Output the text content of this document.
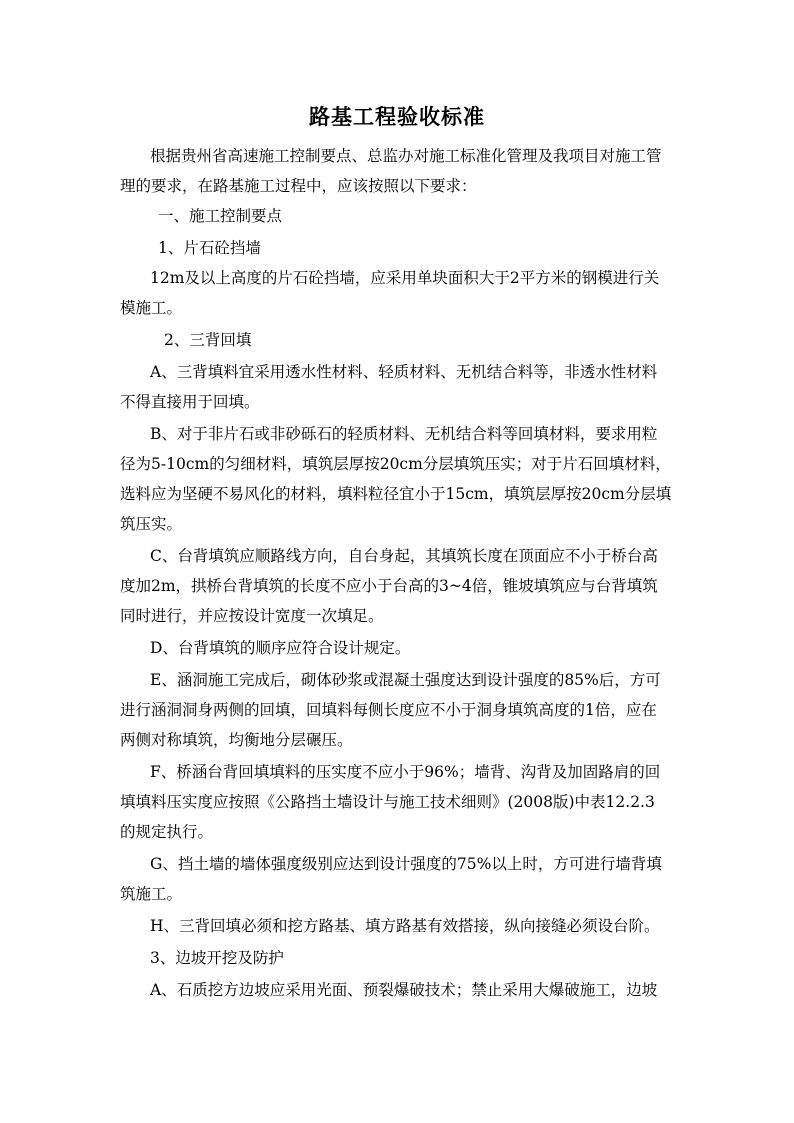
路基工程验收标准
根据贵州省高速施工控制要点、总监办对施工标准化管理及我项目对施工管
理的要求，在路基施工过程中，应该按照以下要求：
一、施工控制要点
1、片石砼挡墙
12m及以上高度的片石砼挡墙，应采用单块面积大于2平方米的钢模进行关
模施工。
2、三背回填
A、三背填料宜采用透水性材料、轻质材料、无机结合料等，非透水性材料
不得直接用于回填。
B、对于非片石或非砂砾石的轻质材料、无机结合料等回填材料，要求用粒
径为5-10cm的匀细材料，填筑层厚按20cm分层填筑压实；对于片石回填材料，
选料应为坚硬不易风化的材料，填料粒径宜小于15cm，填筑层厚按20cm分层填
筑压实。
C、台背填筑应顺路线方向，自台身起，其填筑长度在顶面应不小于桥台高
度加2m，拱桥台背填筑的长度不应小于台高的3~4倍，锥坡填筑应与台背填筑
同时进行，并应按设计宽度一次填足。
D、台背填筑的顺序应符合设计规定。
E、涵洞施工完成后，砌体砂浆或混凝土强度达到设计强度的85%后，方可
进行涵洞洞身两侧的回填，回填料每侧长度应不小于洞身填筑高度的1倍，应在
两侧对称填筑，均衡地分层碾压。
F、桥涵台背回填填料的压实度不应小于96%；墙背、沟背及加固路肩的回
填填料压实度应按照《公路挡土墙设计与施工技术细则》(2008版)中表12.2.3
的规定执行。
G、挡土墙的墙体强度级别应达到设计强度的75%以上时，方可进行墙背填
筑施工。
H、三背回填必须和挖方路基、填方路基有效搭接，纵向接缝必须设台阶。
3、边坡开挖及防护
A、石质挖方边坡应采用光面、预裂爆破技术；禁止采用大爆破施工，边坡
